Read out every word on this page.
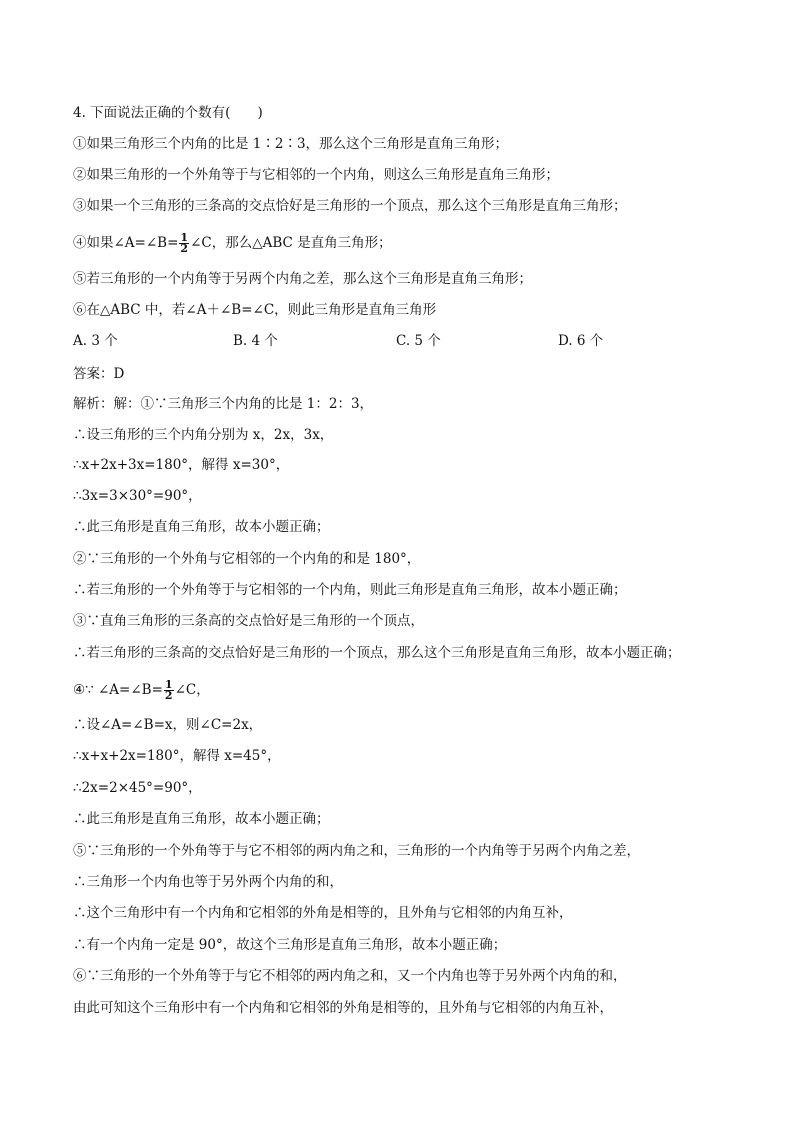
4. 下面说法正确的个数有(　　)
①如果三角形三个内角的比是 1∶2∶3，那么这个三角形是直角三角形；
②如果三角形的一个外角等于与它相邻的一个内角，则这么三角形是直角三角形；
③如果一个三角形的三条高的交点恰好是三角形的一个顶点，那么这个三角形是直角三角形；
④如果∠A=∠B= $\frac{1}{2}$ ∠C，那么△ABC 是直角三角形；
⑤若三角形的一个内角等于另两个内角之差，那么这个三角形是直角三角形；
⑥在△ABC 中，若∠A＋∠B=∠C，则此三角形是直角三角形
A. 3 个	B. 4 个	C. 5 个	D. 6 个
答案：D
解析：解：①∵三角形三个内角的比是 1：2：3，
∴设三角形的三个内角分别为 x，2x，3x，
∴x+2x+3x=180°，解得 x=30°，
∴3x=3×30°=90°，
∴此三角形是直角三角形，故本小题正确；
②∵三角形的一个外角与它相邻的一个内角的和是 180°，
∴若三角形的一个外角等于与它相邻的一个内角，则此三角形是直角三角形，故本小题正确；
③∵直角三角形的三条高的交点恰好是三角形的一个顶点，
∴若三角形的三条高的交点恰好是三角形的一个顶点，那么这个三角形是直角三角形，故本小题正确；
④∵ ∠A=∠B= $\frac{1}{2}$ ∠C，
∴设∠A=∠B=x，则∠C=2x，
∴x+x+2x=180°，解得 x=45°，
∴2x=2×45°=90°，
∴此三角形是直角三角形，故本小题正确；
⑤∵三角形的一个外角等于与它不相邻的两内角之和，三角形的一个内角等于另两个内角之差，
∴三角形一个内角也等于另外两个内角的和，
∴这个三角形中有一个内角和它相邻的外角是相等的，且外角与它相邻的内角互补，
∴有一个内角一定是 90°，故这个三角形是直角三角形，故本小题正确；
⑥∵三角形的一个外角等于与它不相邻的两内角之和，又一个内角也等于另外两个内角的和，
由此可知这个三角形中有一个内角和它相邻的外角是相等的，且外角与它相邻的内角互补，
